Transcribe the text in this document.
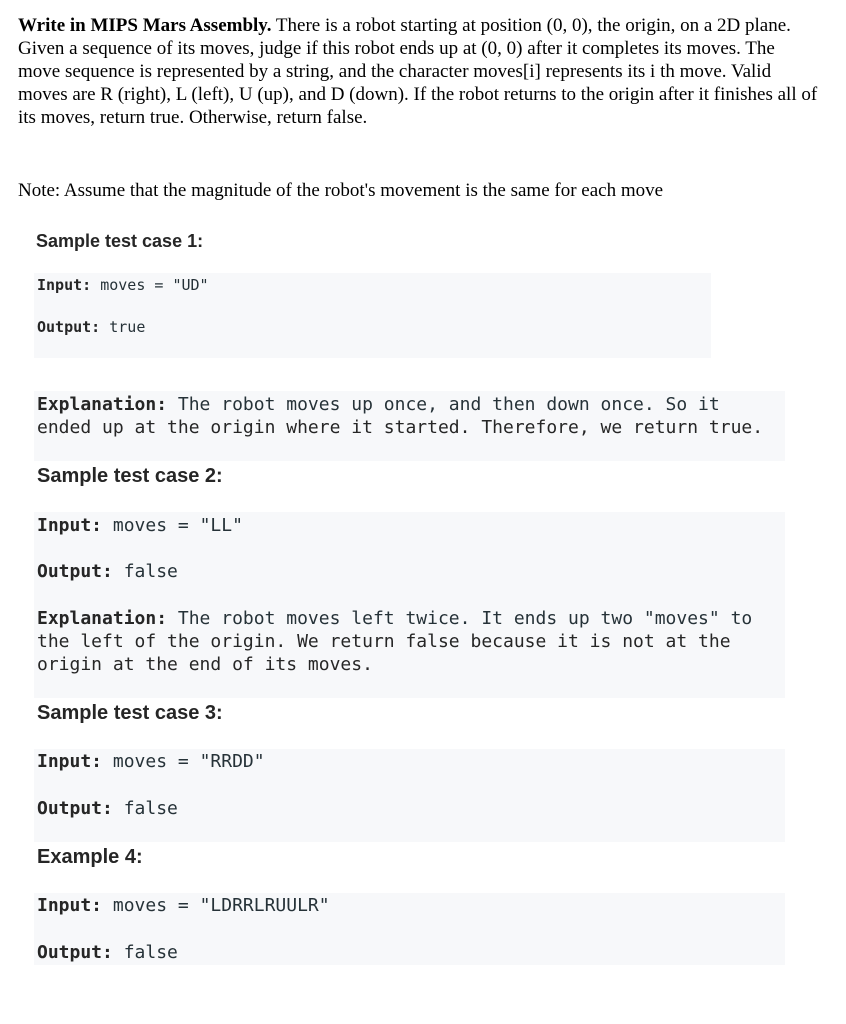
Write in MIPS Mars Assembly. There is a robot starting at position (0, 0), the origin, on a 2D plane. Given a sequence of its moves, judge if this robot ends up at (0, 0) after it completes its moves. The move sequence is represented by a string, and the character moves[i] represents its i th move. Valid moves are R (right), L (left), U (up), and D (down). If the robot returns to the origin after it finishes all of its moves, return true. Otherwise, return false.

Note: Assume that the magnitude of the robot's movement is the same for each move

Sample test case 1:
Input: moves = "UD"
Output: true
Explanation: The robot moves up once, and then down once. So it
ended up at the origin where it started. Therefore, we return true.
Sample test case 2:
Input: moves = "LL"
Output: false
Explanation: The robot moves left twice. It ends up two "moves" to
the left of the origin. We return false because it is not at the
origin at the end of its moves.
Sample test case 3:
Input: moves = "RRDD"
Output: false
Example 4:
Input: moves = "LDRRLRUULR"
Output: false
